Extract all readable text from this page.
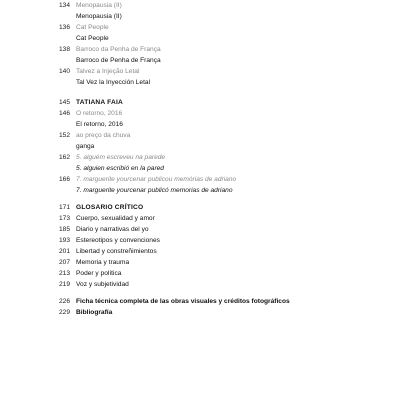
134 Menopausia (II)
Menopausia (II)
136 Cat People
Cat People
138 Barroco da Penha de França
Barroco de Penha de França
140 Talvez a Injeção Letal
Tal Vez la Inyección Letal
145 TATIANA FAIA
146 O retorno, 2016
El retorno, 2016
152 ao preço da chuva
ganga
162 5. alguém escreveu na parede
5. alguien escribió en la pared
166 7. marguerite yourcenar publicou memórias de adriano
7. marguerite yourcenar publicó memorias de adriano
171 GLOSARIO CRÍTICO
173 Cuerpo, sexualidad y amor
185 Diario y narrativas del yo
193 Estereotipos y convenciones
201 Libertad y constreñimientos
207 Memoria y trauma
213 Poder y política
219 Voz y subjetividad
226 Ficha técnica completa de las obras visuales y créditos fotográficos
229 Bibliografía
